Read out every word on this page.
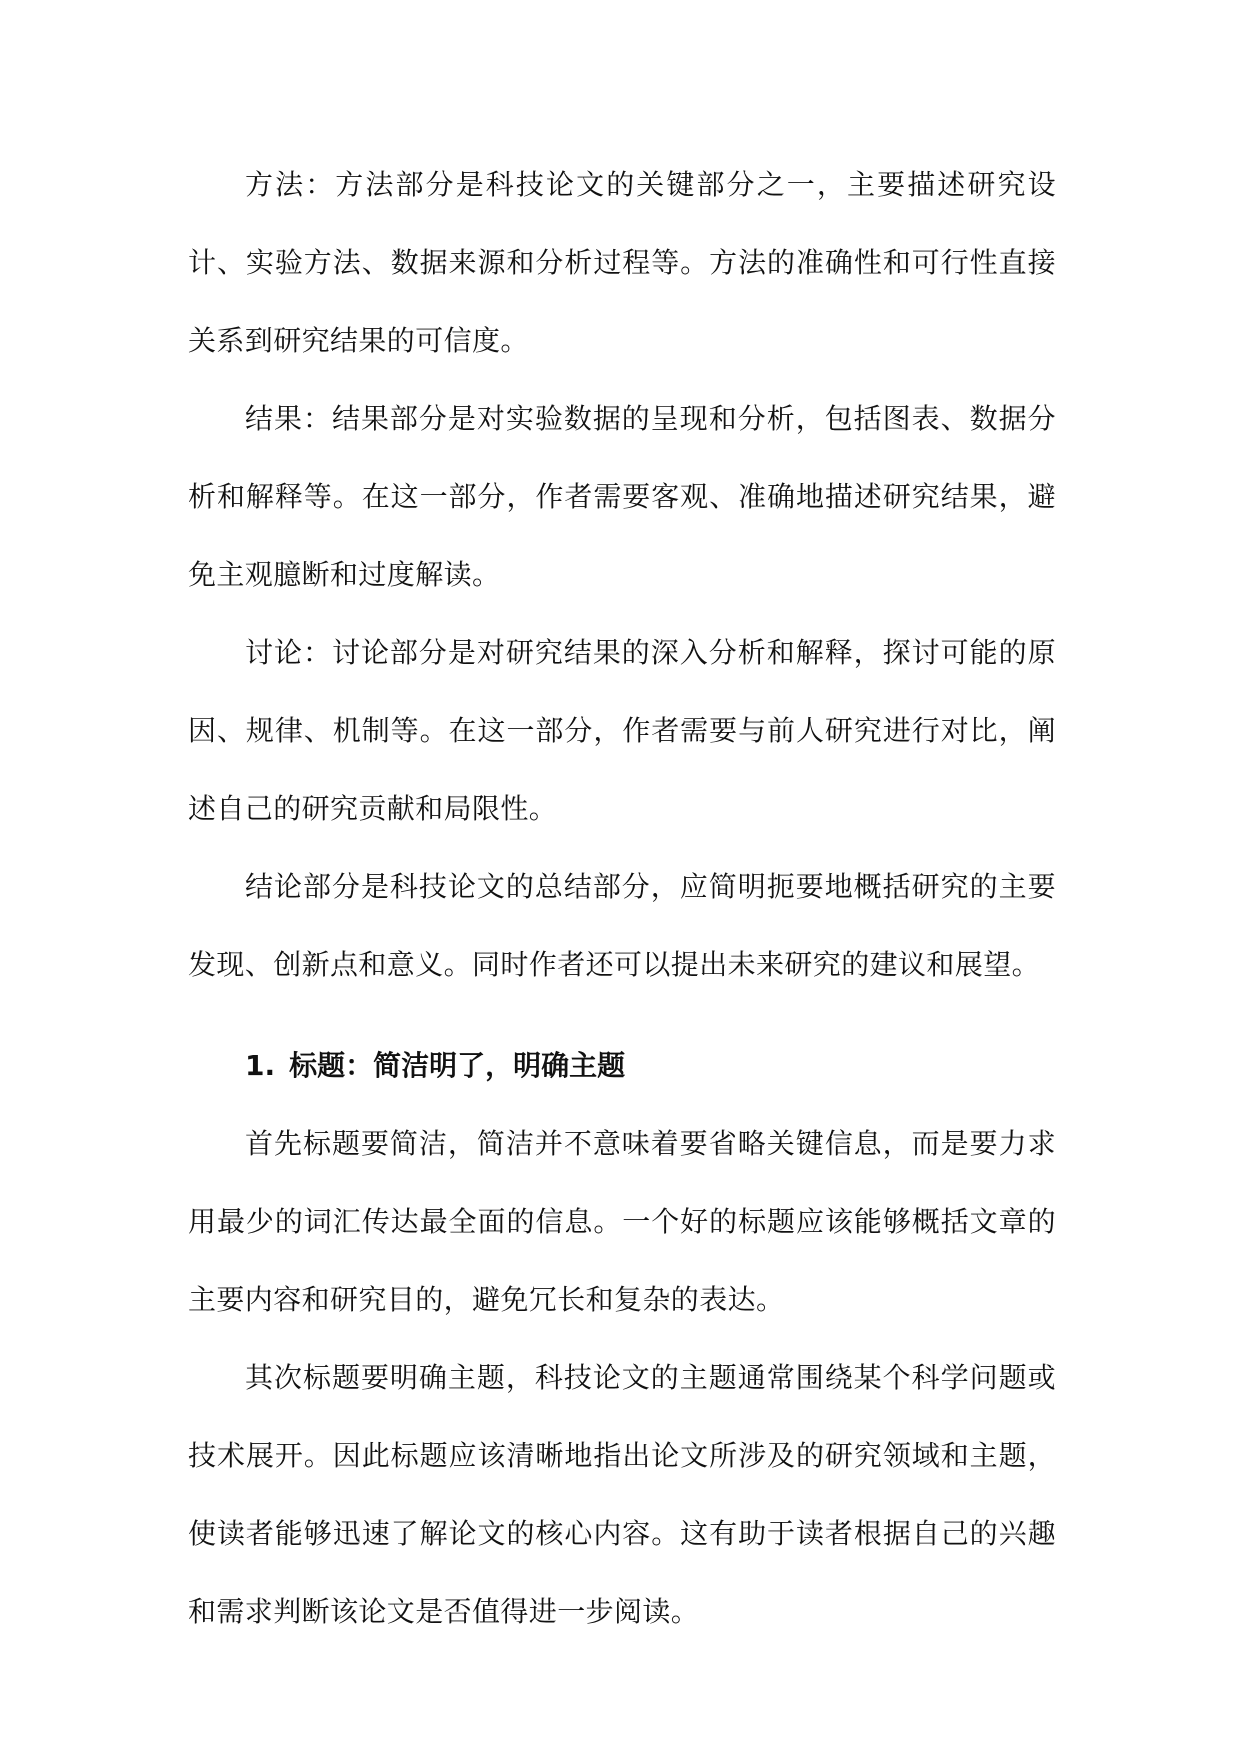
方法：方法部分是科技论文的关键部分之一，主要描述研究设计、实验方法、数据来源和分析过程等。方法的准确性和可行性直接关系到研究结果的可信度。

结果：结果部分是对实验数据的呈现和分析，包括图表、数据分析和解释等。在这一部分，作者需要客观、准确地描述研究结果，避免主观臆断和过度解读。

讨论：讨论部分是对研究结果的深入分析和解释，探讨可能的原因、规律、机制等。在这一部分，作者需要与前人研究进行对比，阐述自己的研究贡献和局限性。

结论部分是科技论文的总结部分，应简明扼要地概括研究的主要发现、创新点和意义。同时作者还可以提出未来研究的建议和展望。

1. 标题：简洁明了，明确主题

首先标题要简洁，简洁并不意味着要省略关键信息，而是要力求用最少的词汇传达最全面的信息。一个好的标题应该能够概括文章的主要内容和研究目的，避免冗长和复杂的表达。

其次标题要明确主题，科技论文的主题通常围绕某个科学问题或技术展开。因此标题应该清晰地指出论文所涉及的研究领域和主题，使读者能够迅速了解论文的核心内容。这有助于读者根据自己的兴趣和需求判断该论文是否值得进一步阅读。
